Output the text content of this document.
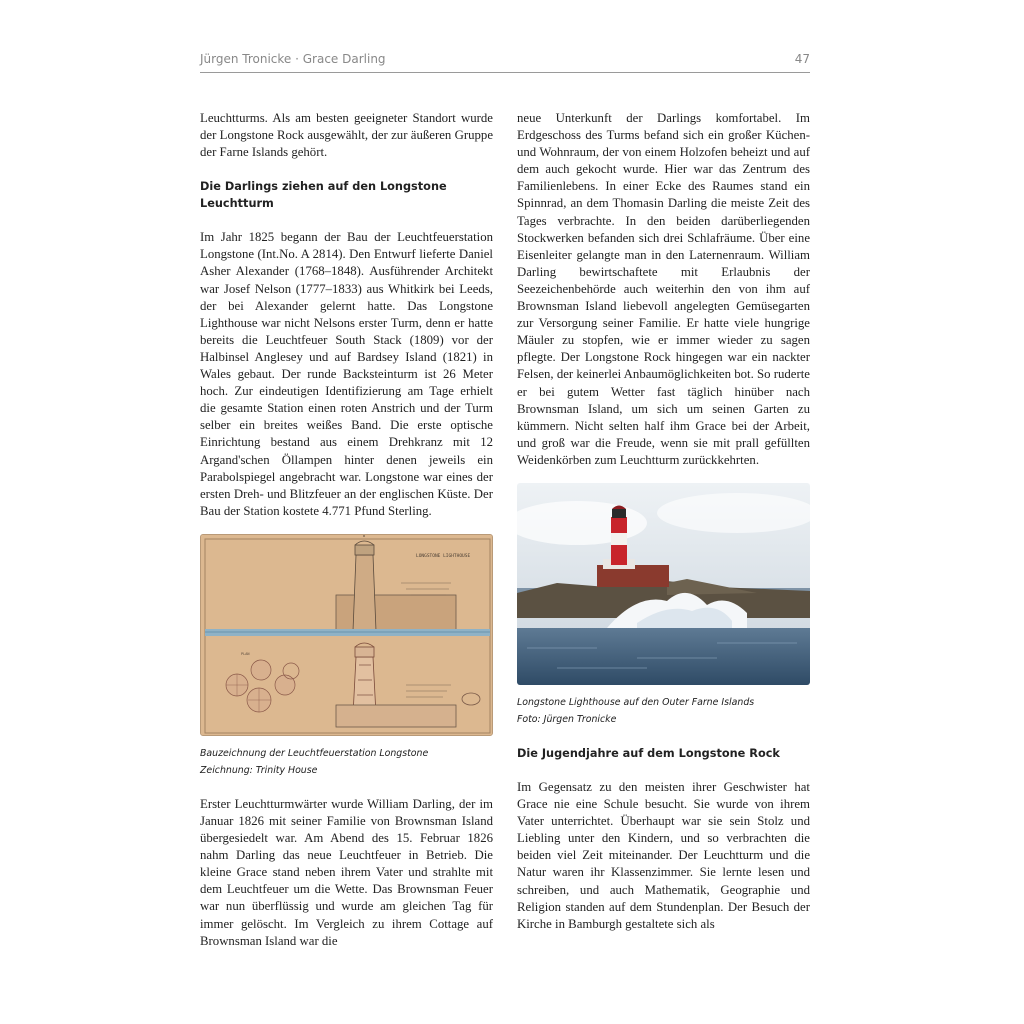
Jürgen Tronicke · Grace Darling	47

Leuchtturms. Als am besten geeigneter Standort wurde der Longstone Rock ausgewählt, der zur äußeren Gruppe der Farne Islands gehört.

Die Darlings ziehen auf den Longstone Leuchtturm

Im Jahr 1825 begann der Bau der Leuchtfeuerstation Longstone (Int.No. A 2814). Den Entwurf lieferte Daniel Asher Alexander (1768–1848). Ausführender Architekt war Josef Nelson (1777–1833) aus Whitkirk bei Leeds, der bei Alexander gelernt hatte. Das Longstone Lighthouse war nicht Nelsons erster Turm, denn er hatte bereits die Leuchtfeuer South Stack (1809) vor der Halbinsel Anglesey und auf Bardsey Island (1821) in Wales gebaut. Der runde Backsteinturm ist 26 Meter hoch. Zur eindeutigen Identifizierung am Tage erhielt die gesamte Station einen roten Anstrich und der Turm selber ein breites weißes Band. Die erste optische Einrichtung bestand aus einem Drehkranz mit 12 Argand'schen Öllampen hinter denen jeweils ein Parabolspiegel angebracht war. Longstone war eines der ersten Dreh- und Blitzfeuer an der englischen Küste. Der Bau der Station kostete 4.771 Pfund Sterling.

LONGSTONE LIGHTHOUSE
PLAN

Bauzeichnung der Leuchtfeuerstation Longstone

Zeichnung: Trinity House

Erster Leuchtturmwärter wurde William Darling, der im Januar 1826 mit seiner Familie von Brownsman Island übergesiedelt war. Am Abend des 15. Februar 1826 nahm Darling das neue Leuchtfeuer in Betrieb. Die kleine Grace stand neben ihrem Vater und strahlte mit dem Leuchtfeuer um die Wette. Das Brownsman Feuer war nun überflüssig und wurde am gleichen Tag für immer gelöscht. Im Vergleich zu ihrem Cottage auf Brownsman Island war die

neue Unterkunft der Darlings komfortabel. Im Erdgeschoss des Turms befand sich ein großer Küchen- und Wohnraum, der von einem Holzofen beheizt und auf dem auch gekocht wurde. Hier war das Zentrum des Familienlebens. In einer Ecke des Raumes stand ein Spinnrad, an dem Thomasin Darling die meiste Zeit des Tages verbrachte. In den beiden darüberliegenden Stockwerken befanden sich drei Schlafräume. Über eine Eisenleiter gelangte man in den Laternenraum. William Darling bewirtschaftete mit Erlaubnis der Seezeichenbehörde auch weiterhin den von ihm auf Brownsman Island liebevoll angelegten Gemüsegarten zur Versorgung seiner Familie. Er hatte viele hungrige Mäuler zu stopfen, wie er immer wieder zu sagen pflegte. Der Longstone Rock hingegen war ein nackter Felsen, der keinerlei Anbaumöglichkeiten bot. So ruderte er bei gutem Wetter fast täglich hinüber nach Brownsman Island, um sich um seinen Garten zu kümmern. Nicht selten half ihm Grace bei der Arbeit, und groß war die Freude, wenn sie mit prall gefüllten Weidenkörben zum Leuchtturm zurückkehrten.

Longstone Lighthouse auf den Outer Farne Islands

Foto: Jürgen Tronicke

Die Jugendjahre auf dem Longstone Rock

Im Gegensatz zu den meisten ihrer Geschwister hat Grace nie eine Schule besucht. Sie wurde von ihrem Vater unterrichtet. Überhaupt war sie sein Stolz und Liebling unter den Kindern, und so verbrachten die beiden viel Zeit miteinander. Der Leuchtturm und die Natur waren ihr Klassenzimmer. Sie lernte lesen und schreiben, und auch Mathematik, Geographie und Religion standen auf dem Stundenplan. Der Besuch der Kirche in Bamburgh gestaltete sich als
